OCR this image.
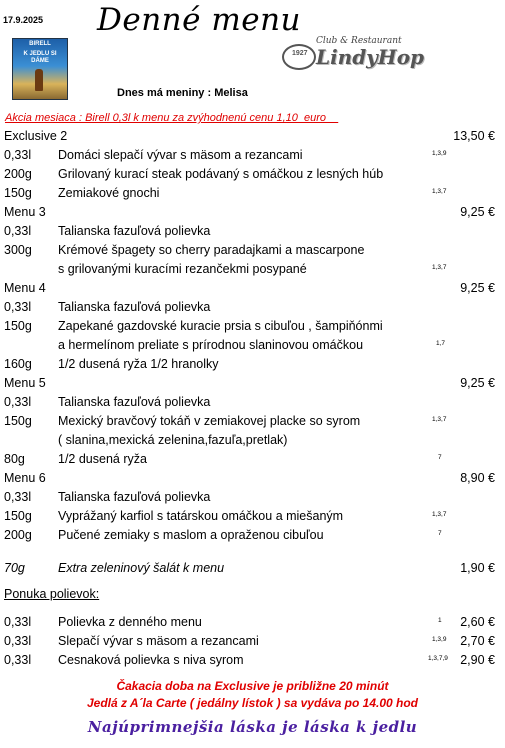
17.9.2025 Denné menu
BIRELL
K JEDLU SI DÁME
1927
Club & Restaurant
LindyHop
Dnes má meniny : Melisa
Akcia mesiaca : Birell 0,3l k menu za zvýhodnenú cenu 1,10  euro
Exclusive 2	13,50 €
0,33l Domáci slepačí vývar s mäsom a rezancami	1,3,9
200g Grilovaný kurací steak podávaný s omáčkou z lesných húb
150g Zemiakové gnochi	1,3,7
Menu 3	9,25 €
0,33l Talianska fazuľová polievka
300g Krémové špagety so cherry paradajkami a mascarpone
s grilovanými kuracími rezančekmi posypané	1,3,7
Menu 4	9,25 €
0,33l Talianska fazuľová polievka
150g Zapekané gazdovské kuracie prsia s cibuľou , šampiňónmi
a hermelínom preliate s prírodnou slaninovou omáčkou	1,7
160g 1/2 dusená ryža 1/2 hranolky
Menu 5	9,25 €
0,33l Talianska fazuľová polievka
150g Mexický bravčový tokáň v zemiakovej placke so syrom	1,3,7
( slanina,mexická zelenina,fazuľa,pretlak)
80g	1/2 dusená ryža	7
Menu 6	8,90 €
0,33l Talianska fazuľová polievka
150g Vyprážaný karfiol s tatárskou omáčkou a miešaným	1,3,7
200g Pučené zemiaky s maslom a opraženou cibuľou	7
70g	Extra zeleninový šalát k menu	1,90 €
Ponuka polievok:
0,33l Polievka z denného menu	1 2,60 €
0,33l Slepačí vývar s mäsom a rezancami	1,3,9 2,70 €
0,33l Cesnaková polievka s niva syrom	1,3,7,9 2,90 €
Čakacia doba na Exclusive je približne 20 minút
Jedlá z A´la Carte ( jedálny lístok ) sa vydáva po 14.00 hod
Najúprimnejšia láska je láska k jedlu
